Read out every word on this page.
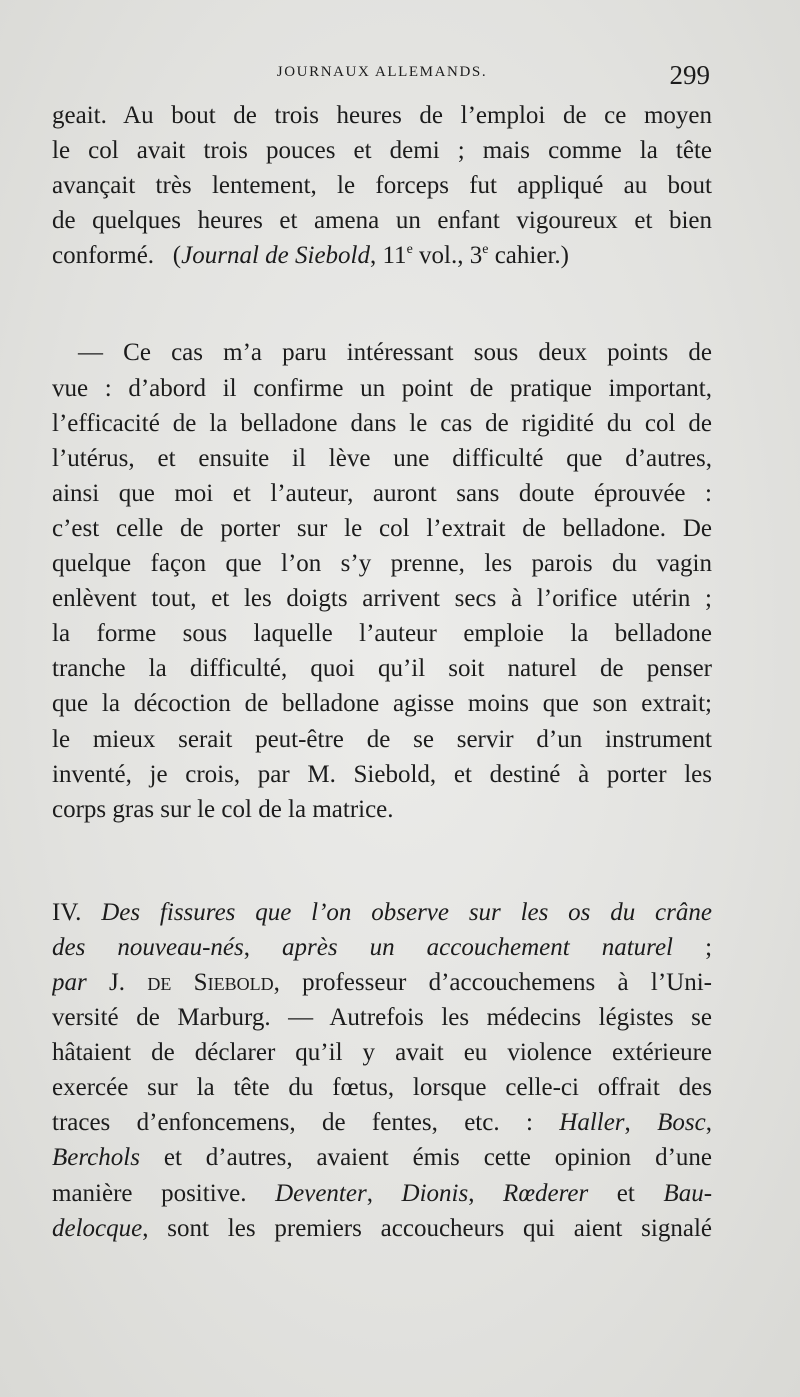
JOURNAUX ALLEMANDS.	299
geait. Au bout de trois heures de l’emploi de ce moyen
le col avait trois pouces et demi ; mais comme la tête
avançait très lentement, le forceps fut appliqué au bout
de quelques heures et amena un enfant vigoureux et bien
conformé.   (Journal de Siebold, 11e vol., 3e cahier.)
— Ce cas m’a paru intéressant sous deux points de
vue : d’abord il confirme un point de pratique important,
l’efficacité de la belladone dans le cas de rigidité du col de
l’utérus, et ensuite il lève une difficulté que d’autres,
ainsi que moi et l’auteur, auront sans doute éprouvée :
c’est celle de porter sur le col l’extrait de belladone. De
quelque façon que l’on s’y prenne, les parois du vagin
enlèvent tout, et les doigts arrivent secs à l’orifice utérin ;
la forme sous laquelle l’auteur emploie la belladone
tranche la difficulté, quoi qu’il soit naturel de penser
que la décoction de belladone agisse moins que son extrait;
le mieux serait peut-être de se servir d’un instrument
inventé, je crois, par M. Siebold, et destiné à porter les
corps gras sur le col de la matrice.
IV. Des fissures que l’on observe sur les os du crâne
des nouveau-nés, après un accouchement naturel ;
par J. de Siebold, professeur d’accouchemens à l’Uni-
versité de Marburg. — Autrefois les médecins légistes se
hâtaient de déclarer qu’il y avait eu violence extérieure
exercée sur la tête du fœtus, lorsque celle-ci offrait des
traces d’enfoncemens, de fentes, etc. : Haller, Bosc,
Berchols et d’autres, avaient émis cette opinion d’une
manière positive. Deventer, Dionis, Rœderer et Bau-
delocque, sont les premiers accoucheurs qui aient signalé
